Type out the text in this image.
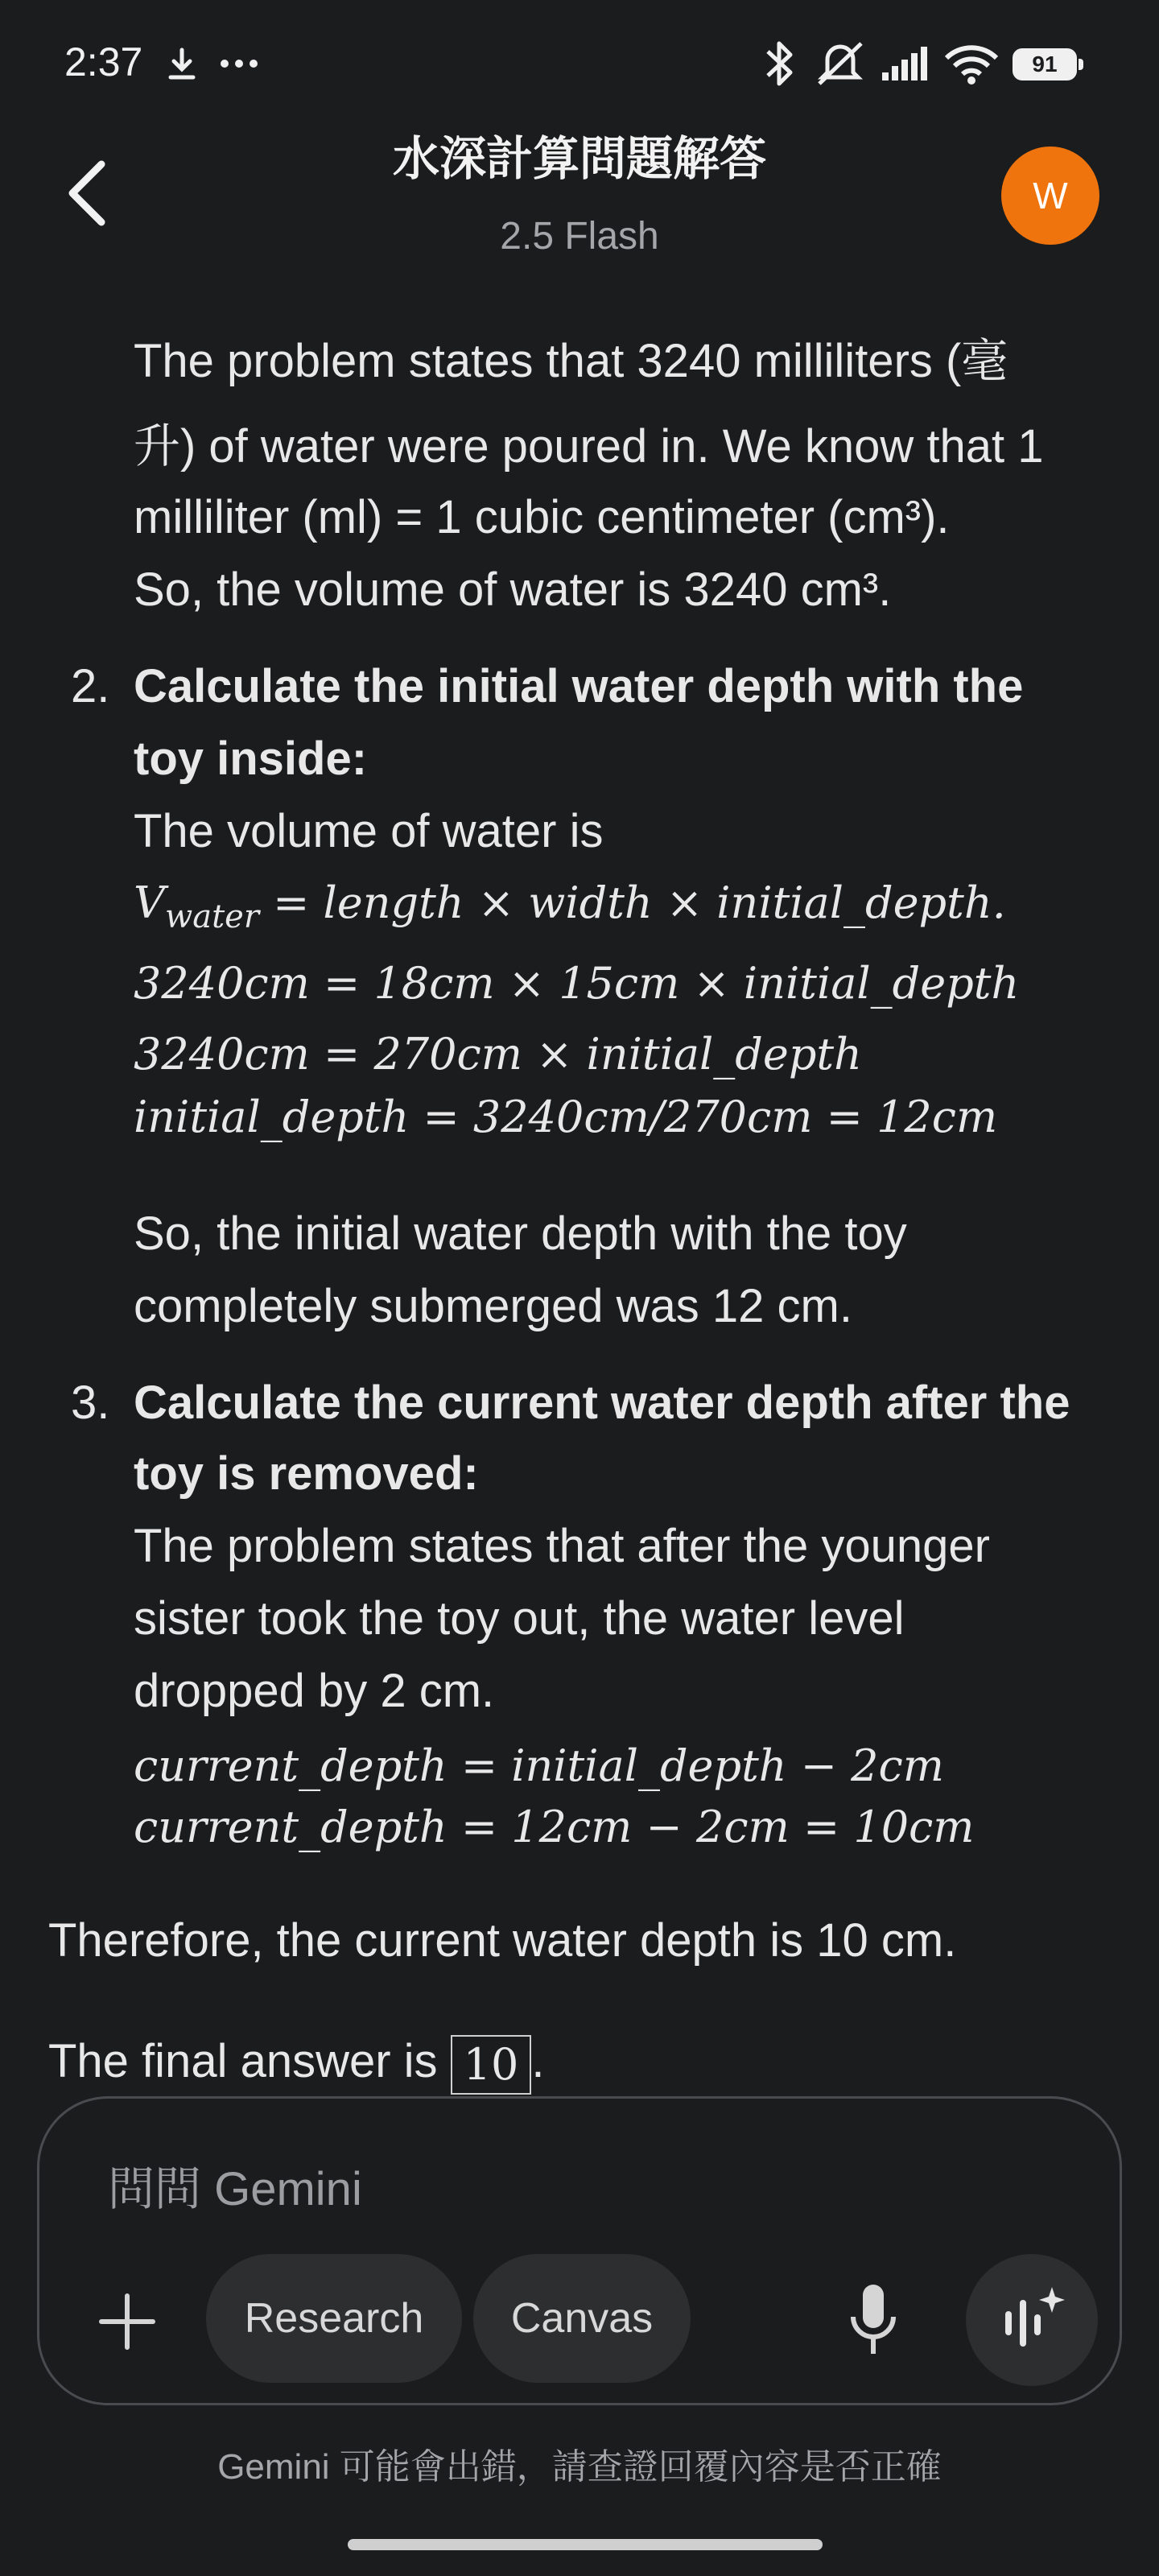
2:37	91
水深計算問題解答
2.5 Flash
W
The problem states that 3240 milliliters (毫
升) of water were poured in. We know that 1
milliliter (ml) = 1 cubic centimeter (cm³).
So, the volume of water is 3240 cm³.
2. Calculate the initial water depth with the
toy inside:
The volume of water is
$V_{water}$ = length × width × initial_depth.
3240cm = 18cm × 15cm × initial_depth
3240cm = 270cm × initial_depth
initial_depth = 3240cm/270cm = 12cm
So, the initial water depth with the toy
completely submerged was 12 cm.
3. Calculate the current water depth after the
toy is removed:
The problem states that after the younger
sister took the toy out, the water level
dropped by 2 cm.
current_depth = initial_depth − 2cm
current_depth = 12cm − 2cm = 10cm
Therefore, the current water depth is 10 cm.
The final answer is 10 .
問問 Gemini
Research Canvas
Gemini 可能會出錯，請查證回覆內容是否正確
